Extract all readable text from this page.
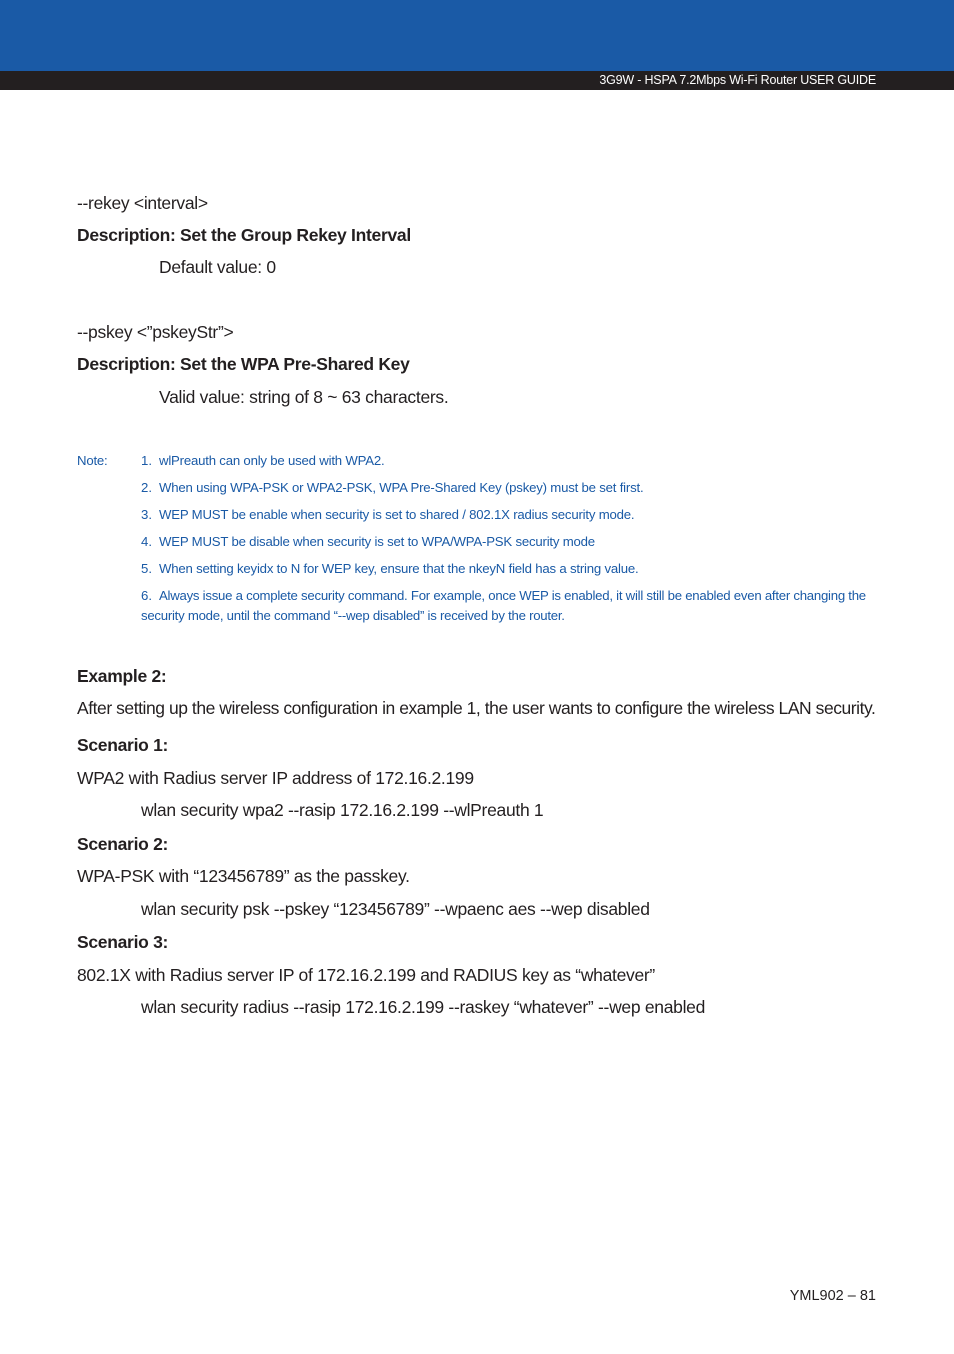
3G9W - HSPA 7.2Mbps Wi-Fi Router USER GUIDE
--rekey <interval>
Description: Set the Group Rekey Interval
Default value: 0
--pskey <”pskeyStr”>
Description: Set the WPA Pre-Shared Key
Valid value: string of 8 ~ 63 characters.
Note:	1. wlPreauth can only be used with WPA2.
2. When using WPA-PSK or WPA2-PSK, WPA Pre-Shared Key (pskey) must be set first.
3. WEP MUST be enable when security is set to shared / 802.1X radius security mode.
4. WEP MUST be disable when security is set to WPA/WPA-PSK security mode
5. When setting keyidx to N for WEP key, ensure that the nkeyN field has a string value.
6. Always issue a complete security command. For example, once WEP is enabled, it will still be enabled even after changing the security mode, until the command “--wep disabled” is received by the router.
Example 2:
After setting up the wireless configuration in example 1, the user wants to configure the wireless LAN security.
Scenario 1:
WPA2 with Radius server IP address of 172.16.2.199
wlan security wpa2 --rasip 172.16.2.199 --wlPreauth 1
Scenario 2:
WPA-PSK with “123456789” as the passkey.
wlan security psk --pskey “123456789” --wpaenc aes --wep disabled
Scenario 3:
802.1X with Radius server IP of 172.16.2.199 and RADIUS key as “whatever”
wlan security radius --rasip 172.16.2.199 --raskey “whatever” --wep enabled
YML902 – 81
